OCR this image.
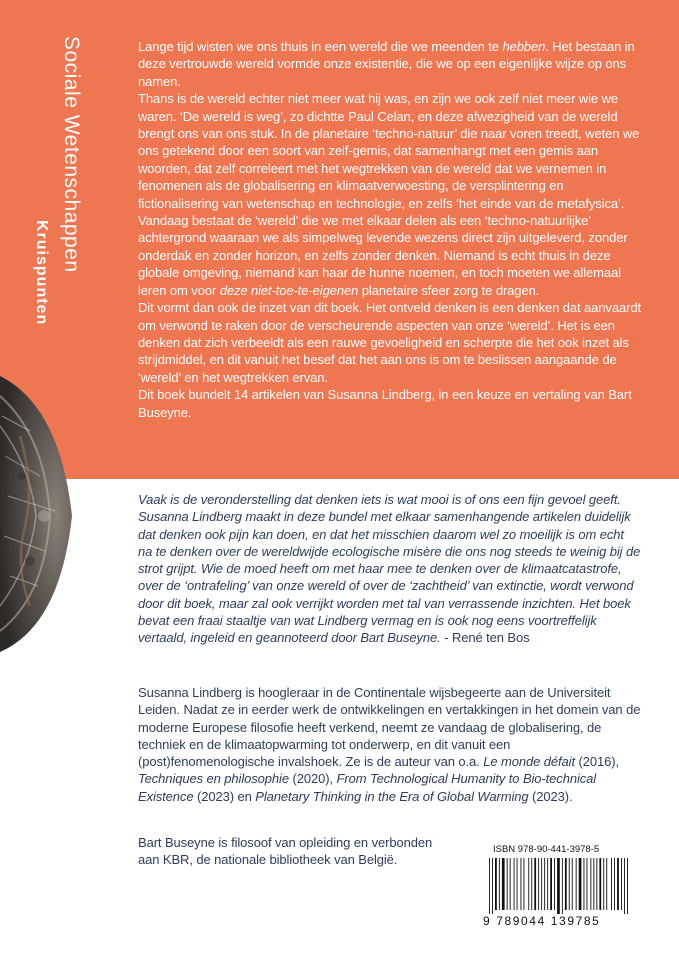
Sociale Wetenschappen
Kruispunten

Lange tijd wisten we ons thuis in een wereld die we meenden te hebben. Het bestaan in deze vertrouwde wereld vormde onze existentie, die we op een eigenlijke wijze op ons namen.

Thans is de wereld echter niet meer wat hij was, en zijn we ook zelf niet meer wie we waren. ‘De wereld is weg’, zo dichtte Paul Celan, en deze afwezigheid van de wereld brengt ons van ons stuk. In de planetaire ‘techno-natuur’ die naar voren treedt, weten we ons getekend door een soort van zelf-gemis, dat samenhangt met een gemis aan woorden, dat zelf correleert met het wegtrekken van de wereld dat we vernemen in fenomenen als de globalisering en klimaatverwoesting, de versplintering en fictionalisering van wetenschap en technologie, en zelfs ‘het einde van de metafysica’.

Vandaag bestaat de ‘wereld’ die we met elkaar delen als een ‘techno-natuurlijke’ achtergrond waaraan we als simpelweg levende wezens direct zijn uitgeleverd, zonder onderdak en zonder horizon, en zelfs zonder denken. Niemand is echt thuis in deze globale omgeving, niemand kan haar de hunne noemen, en toch moeten we allemaal leren om voor deze niet-toe-te-eigenen planetaire sfeer zorg te dragen.

Dit vormt dan ook de inzet van dit boek. Het ontveld denken is een denken dat aanvaardt om verwond te raken door de verscheurende aspecten van onze ‘wereld’. Het is een denken dat zich verbeeldt als een rauwe gevoeligheid en scherpte die het ook inzet als strijdmiddel, en dit vanuit het besef dat het aan ons is om te beslissen aangaande de ‘wereld’ en het wegtrekken ervan.

Dit boek bundelt 14 artikelen van Susanna Lindberg, in een keuze en vertaling van Bart Buseyne.

Vaak is de veronderstelling dat denken iets is wat mooi is of ons een fijn gevoel geeft. Susanna Lindberg maakt in deze bundel met elkaar samenhangende artikelen duidelijk dat denken ook pijn kan doen, en dat het misschien daarom wel zo moeilijk is om echt na te denken over de wereldwijde ecologische misère die ons nog steeds te weinig bij de strot grijpt. Wie de moed heeft om met haar mee te denken over de klimaatcatastrofe, over de ‘ontrafeling’ van onze wereld of over de ‘zachtheid’ van extinctie, wordt verwond door dit boek, maar zal ook verrijkt worden met tal van verrassende inzichten. Het boek bevat een fraai staaltje van wat Lindberg vermag en is ook nog eens voortreffelijk vertaald, ingeleid en geannoteerd door Bart Buseyne. - René ten Bos
Susanna Lindberg is hoogleraar in de Continentale wijsbegeerte aan de Universiteit Leiden. Nadat ze in eerder werk de ontwikkelingen en vertakkingen in het domein van de moderne Europese filosofie heeft verkend, neemt ze vandaag de globalisering, de techniek en de klimaatopwarming tot onderwerp, en dit vanuit een (post)fenomenologische invalshoek. Ze is de auteur van o.a. Le monde défait (2016), Techniques en philosophie (2020), From Technological Humanity to Bio-technical Existence (2023) en Planetary Thinking in the Era of Global Warming (2023).
Bart Buseyne is filosoof van opleiding en verbonden aan KBR, de nationale bibliotheek van België.
ISBN 978-90-441-3978-5
9 789044 139785
